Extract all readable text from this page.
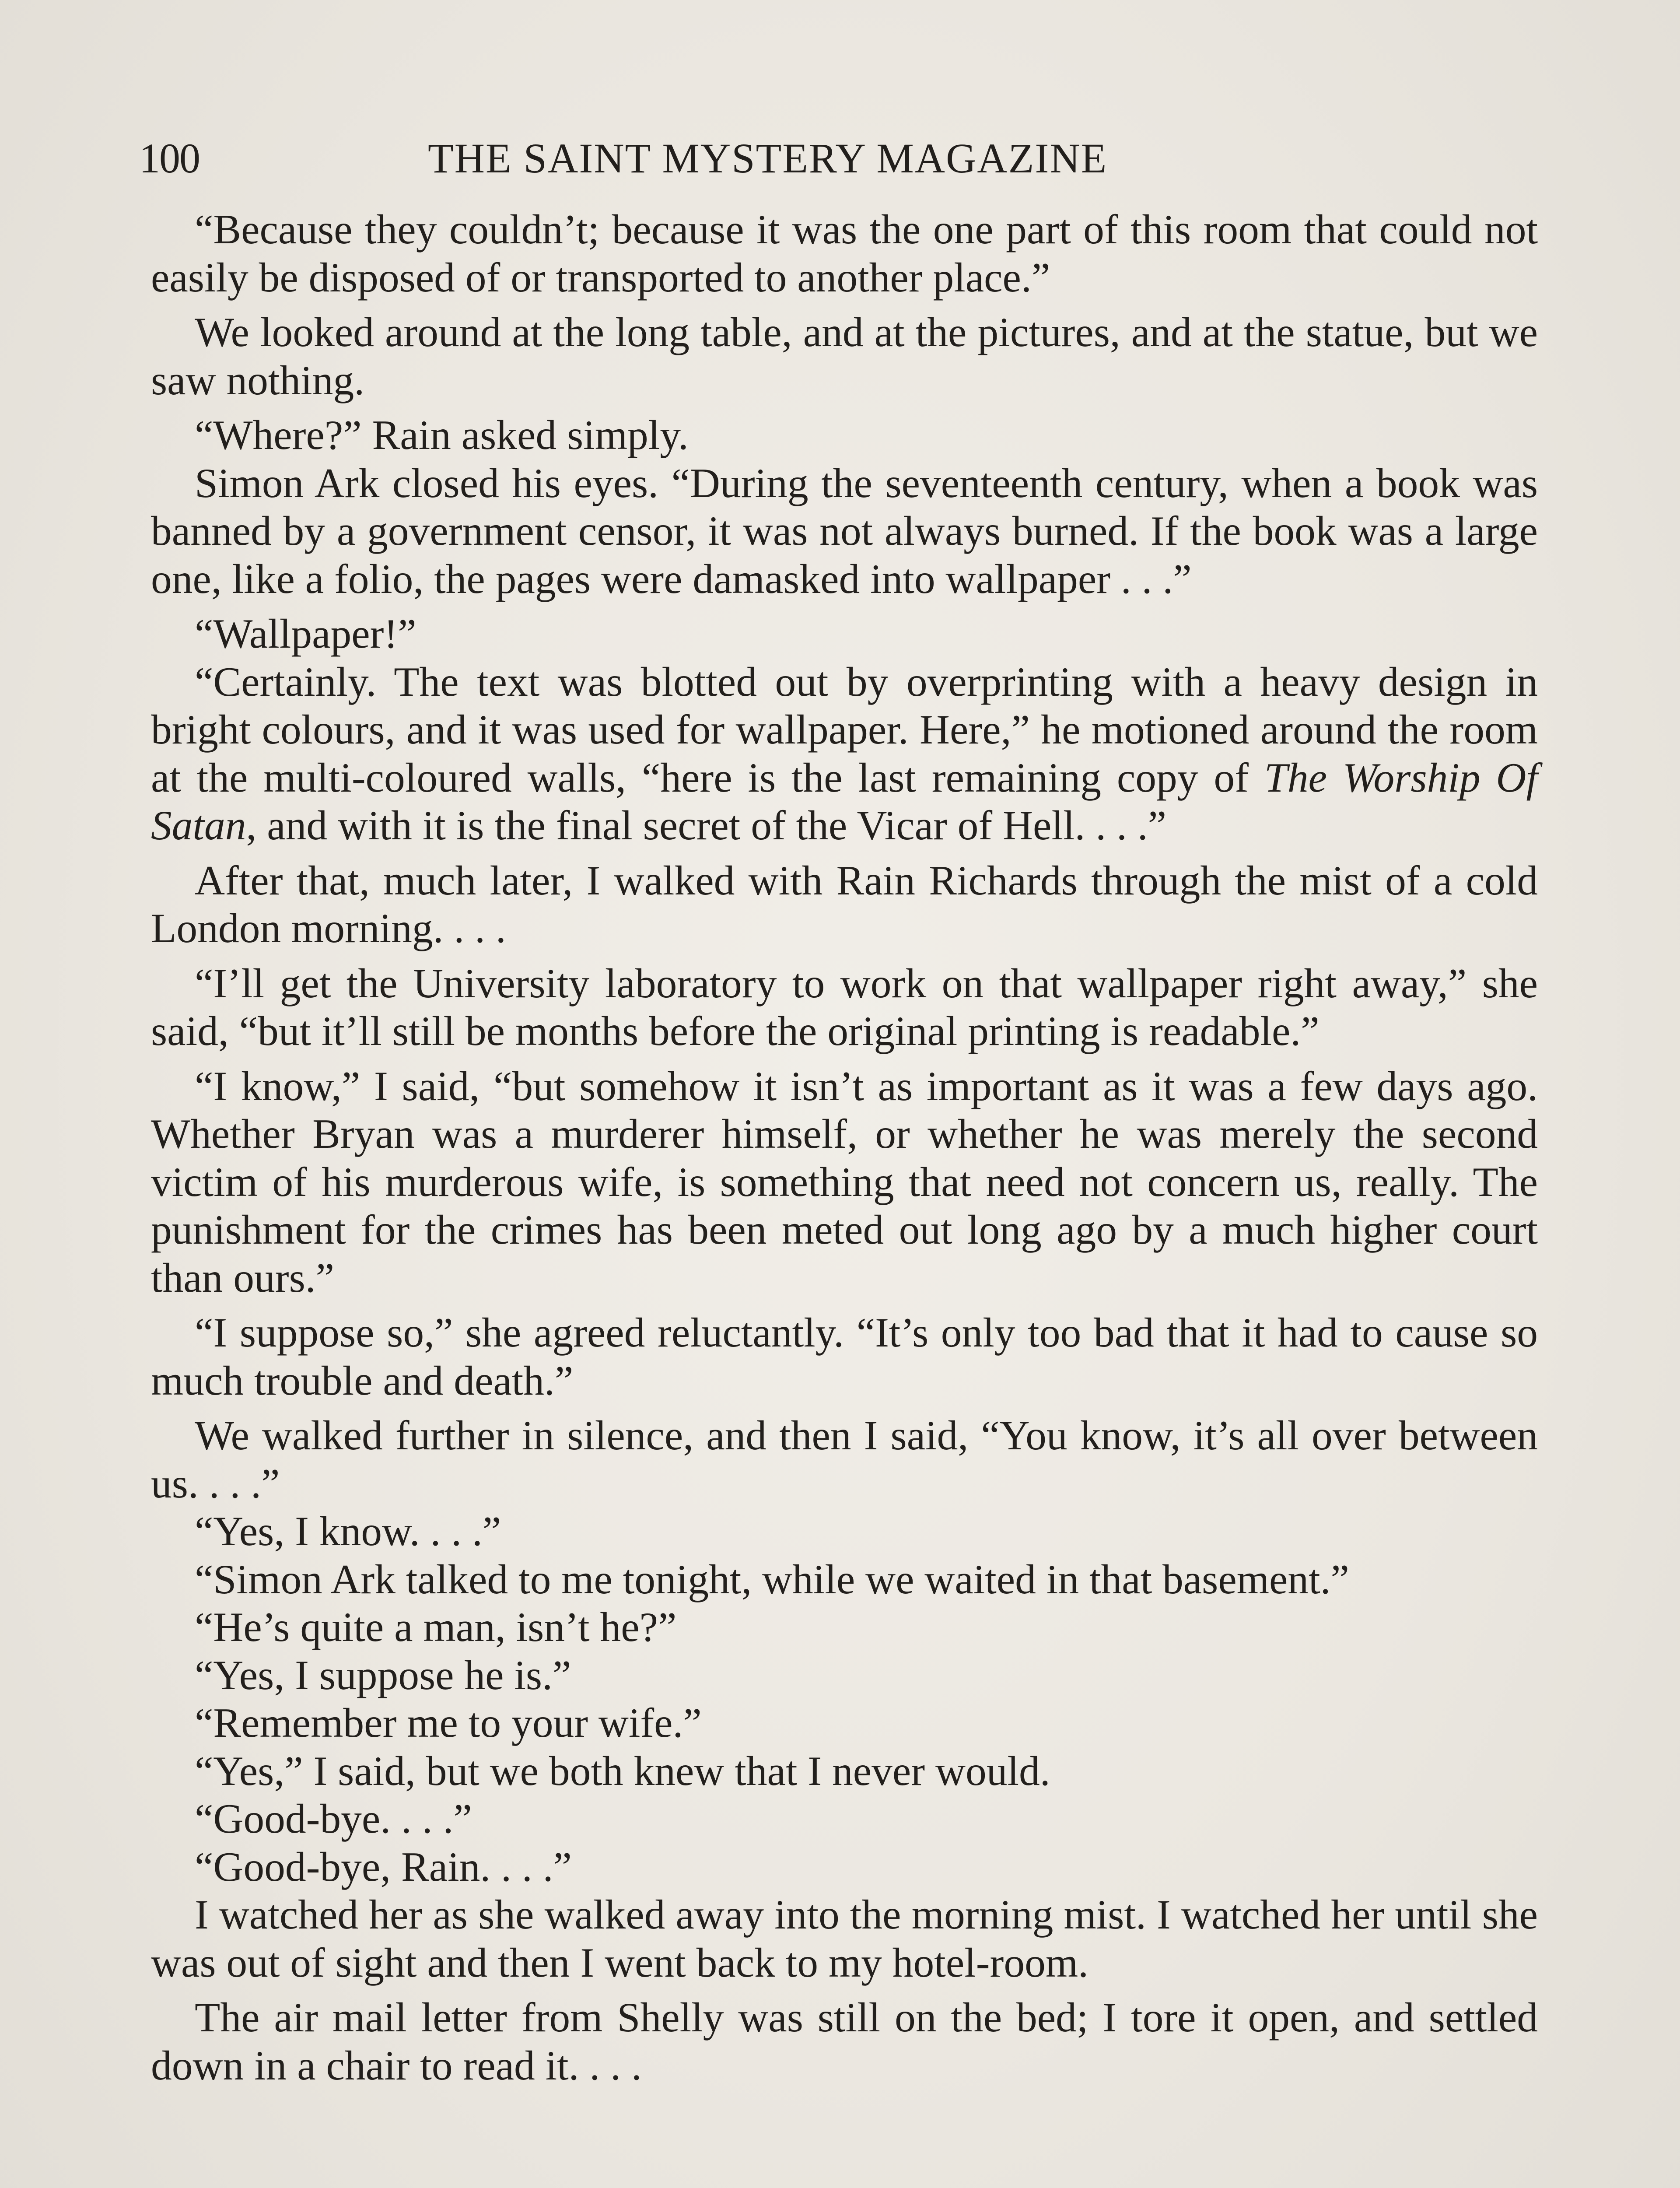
100	THE SAINT MYSTERY MAGAZINE

“Because they couldn’t; because it was the one part of this room that could not easily be disposed of or transported to another place.”

We looked around at the long table, and at the pictures, and at the statue, but we saw nothing.

“Where?” Rain asked simply.

Simon Ark closed his eyes. “During the seventeenth century, when a book was banned by a government censor, it was not always burned. If the book was a large one, like a folio, the pages were damasked into wallpaper . . .”

“Wallpaper!”

“Certainly. The text was blotted out by overprinting with a heavy design in bright colours, and it was used for wallpaper. Here,” he motioned around the room at the multi-coloured walls, “here is the last remaining copy of The Worship Of Satan, and with it is the final secret of the Vicar of Hell. . . .”

After that, much later, I walked with Rain Richards through the mist of a cold London morning. . . .

“I’ll get the University laboratory to work on that wallpaper right away,” she said, “but it’ll still be months before the original printing is readable.”

“I know,” I said, “but somehow it isn’t as important as it was a few days ago. Whether Bryan was a murderer himself, or whether he was merely the second victim of his murderous wife, is something that need not concern us, really. The punishment for the crimes has been meted out long ago by a much higher court than ours.”

“I suppose so,” she agreed reluctantly. “It’s only too bad that it had to cause so much trouble and death.”

We walked further in silence, and then I said, “You know, it’s all over between us. . . .”

“Yes, I know. . . .”

“Simon Ark talked to me tonight, while we waited in that basement.”

“He’s quite a man, isn’t he?”

“Yes, I suppose he is.”

“Remember me to your wife.”

“Yes,” I said, but we both knew that I never would.

“Good-bye. . . .”

“Good-bye, Rain. . . .”

I watched her as she walked away into the morning mist. I watched her until she was out of sight and then I went back to my hotel-room.

The air mail letter from Shelly was still on the bed; I tore it open, and settled down in a chair to read it. . . .
